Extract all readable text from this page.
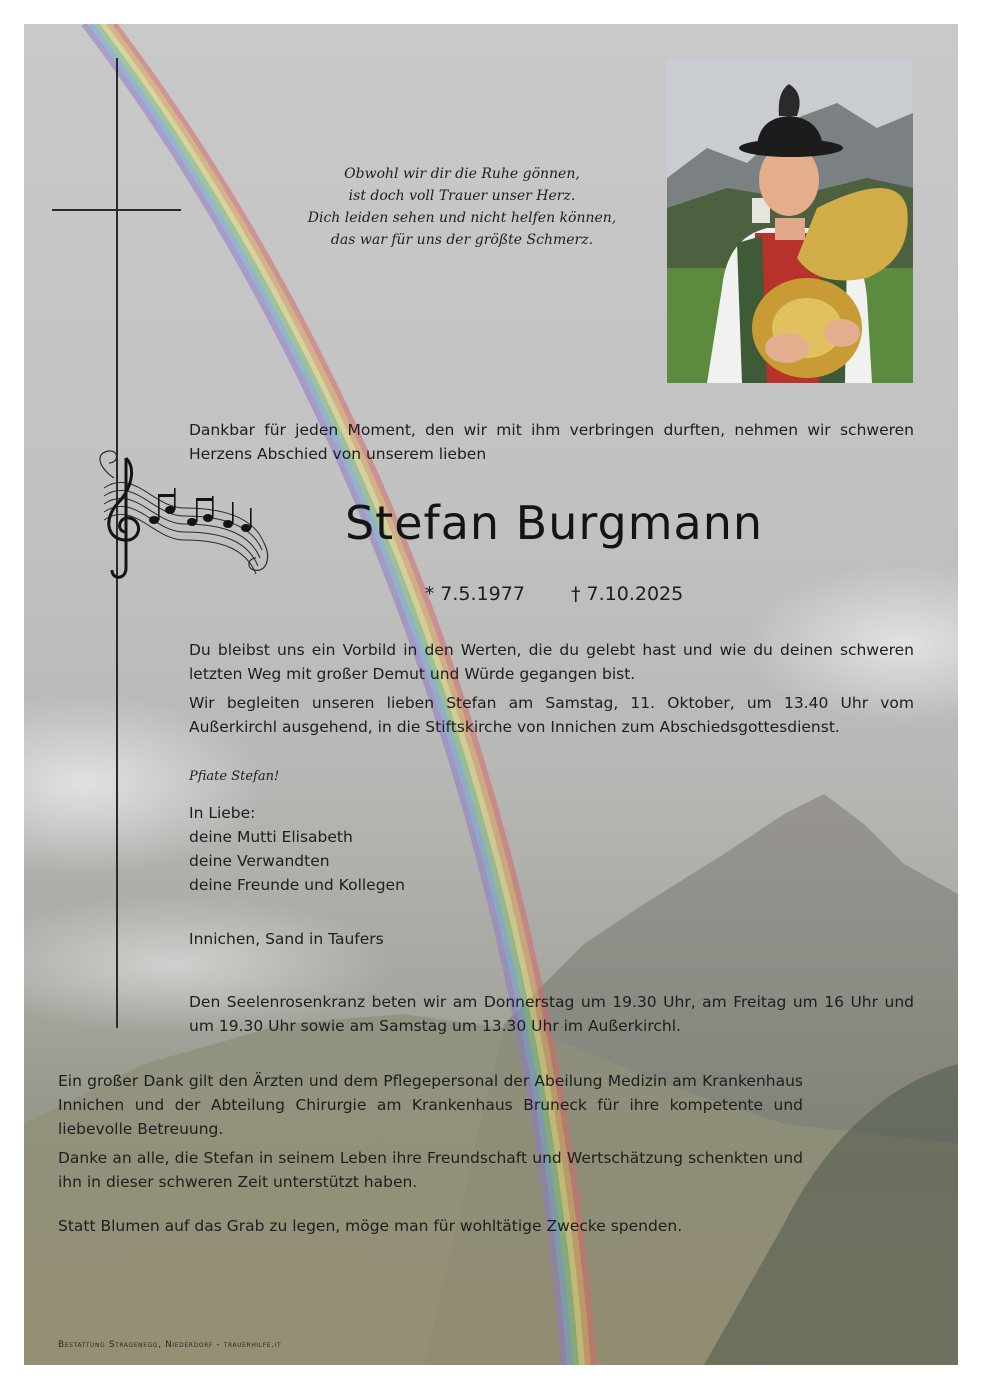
Obwohl wir dir die Ruhe gönnen,
ist doch voll Trauer unser Herz.
Dich leiden sehen und nicht helfen können,
das war für uns der größte Schmerz.
Dankbar für jeden Moment, den wir mit ihm verbringen durften, nehmen wir schweren Herzens Abschied von unserem lieben
Stefan Burgmann
* 7.5.1977 † 7.10.2025

Du bleibst uns ein Vorbild in den Werten, die du gelebt hast und wie du deinen schweren letzten Weg mit großer Demut und Würde gegangen bist.

Wir begleiten unseren lieben Stefan am Samstag, 11. Oktober, um 13.40 Uhr vom Außerkirchl ausgehend, in die Stiftskirche von Innichen zum Abschiedsgottesdienst.

Pfiate Stefan!
In Liebe:
deine Mutti Elisabeth
deine Verwandten
deine Freunde und Kollegen
Innichen, Sand in Taufers
Den Seelenrosenkranz beten wir am Donnerstag um 19.30 Uhr, am Freitag um 16 Uhr und um 19.30 Uhr sowie am Samstag um 13.30 Uhr im Außerkirchl.

Ein großer Dank gilt den Ärzten und dem Pflegepersonal der Abeilung Medizin am Krankenhaus Innichen und der Abteilung Chirurgie am Krankenhaus Bruneck für ihre kompetente und liebevolle Betreuung.

Danke an alle, die Stefan in seinem Leben ihre Freundschaft und Wertschätzung schenkten und ihn in dieser schweren Zeit unterstützt haben.

Statt Blumen auf das Grab zu legen, möge man für wohltätige Zwecke spenden.
Bestattung Stragenegg, Niederdorf - trauerhilfe.it
